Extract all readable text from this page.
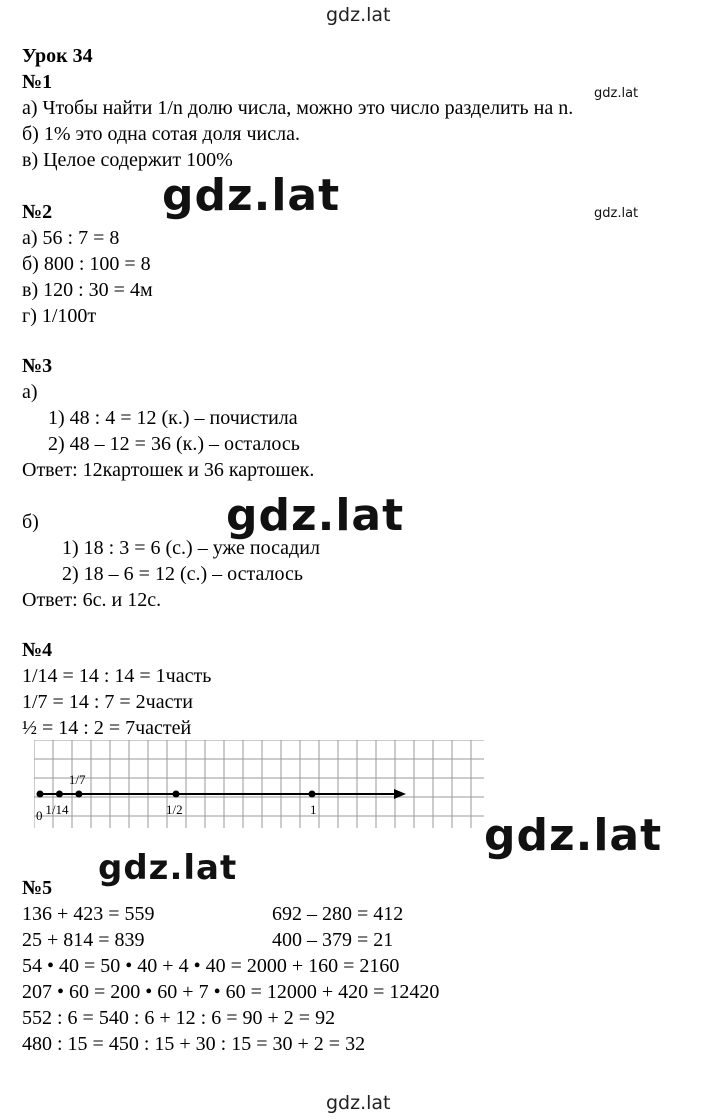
gdz.lat
gdz.lat
gdz.lat
Урок 34
№1
а) Чтобы найти 1/n долю числа, можно это число разделить на n.
б) 1% это одна сотая доля числа.
в) Целое содержит 100%
№2
а) 56 : 7 = 8
б) 800 : 100 = 8
в) 120 : 30 = 4м
г) 1/100т
№3
а)
1) 48 : 4 = 12 (к.) – почистила
2) 48 – 12 = 36 (к.) – осталось
Ответ: 12картошек и 36 картошек.
б)
1) 18 : 3 = 6 (с.) – уже посадил
2) 18 – 6 = 12 (с.) – осталось
Ответ: 6с. и 12с.
№4
1/14 = 14 : 14 = 1часть
1/7 = 14 : 7 = 2части
½ = 14 : 2 = 7частей
0 1/14
1/7
1/2	1
№5
136 + 423 = 559	692 – 280 = 412
25 + 814 = 839	400 – 379 = 21
54 • 40 = 50 • 40 + 4 • 40 = 2000 + 160 = 2160
207 • 60 = 200 • 60 + 7 • 60 = 12000 + 420 = 12420
552 : 6 = 540 : 6 + 12 : 6 = 90 + 2 = 92
480 : 15 = 450 : 15 + 30 : 15 = 30 + 2 = 32
gdz.lat
gdz.lat
gdz.lat
gdz.lat
gdz.lat
